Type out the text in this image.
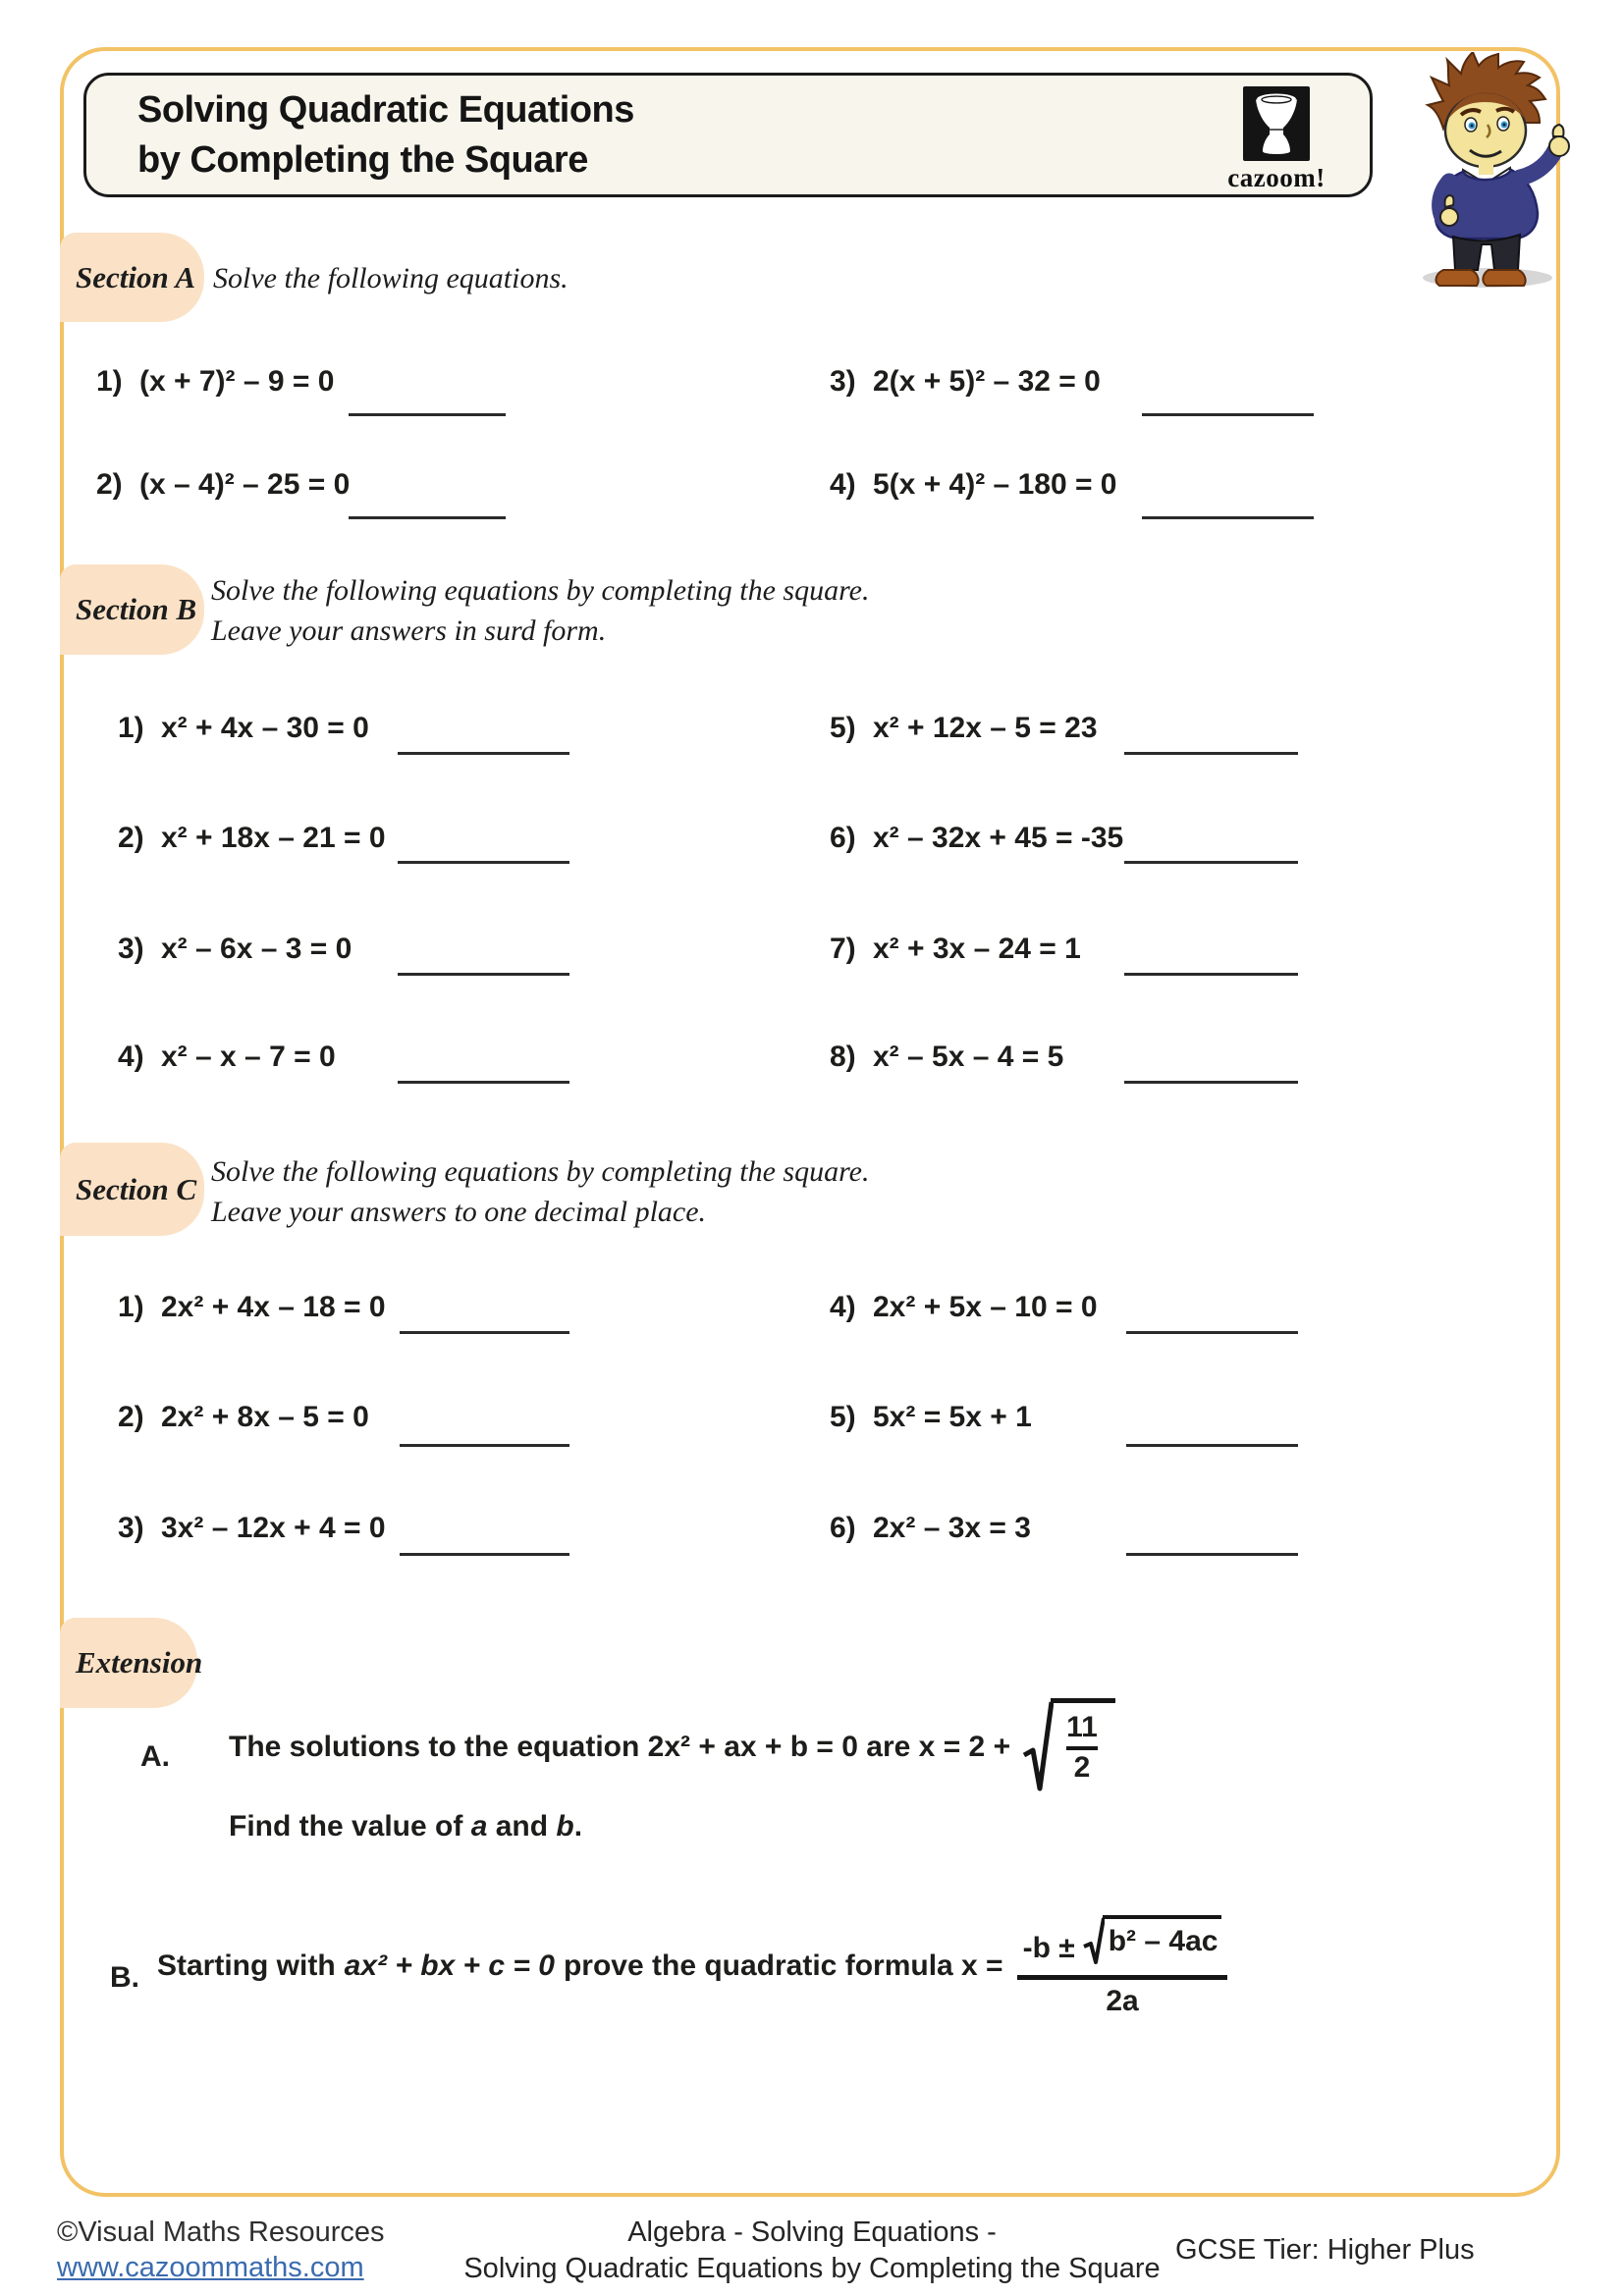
Solving Quadratic Equations
by Completing the Square	cazoom!
Section A Solve the following equations.
1) (x + 7)² – 9 = 0
2) (x – 4)² – 25 = 0
3) 2(x + 5)² – 32 = 0
4) 5(x + 4)² – 180 = 0
Section B
Solve the following equations by completing the square.
Leave your answers in surd form.
1) x² + 4x – 30 = 0
2) x² + 18x – 21 = 0
3) x² – 6x – 3 = 0
4) x² – x – 7 = 0
5) x² + 12x – 5 = 23
6) x² – 32x + 45 = -35
7) x² + 3x – 24 = 1
8) x² – 5x – 4 = 5
Section C Solve the following equations by completing the square.
Leave your answers to one decimal place.
1) 2x² + 4x – 18 = 0
2) 2x² + 8x – 5 = 0
3) 3x² – 12x + 4 = 0
4) 2x² + 5x – 10 = 0
5) 5x² = 5x + 1
6) 2x² – 3x = 3
Extension
A. The solutions to the equation 2x² + ax + b = 0 are $x = 2 + \frac{11}{2}$
Find the value of a and b.
B. Starting with ax² + bx + c = 0 prove the quadratic formula x =
-b ± b² – 4ac
2a
©Visual Maths Resources
www.cazoommaths.com
Algebra - Solving Equations -
Solving Quadratic Equations by Completing the Square
GCSE Tier: Higher Plus
